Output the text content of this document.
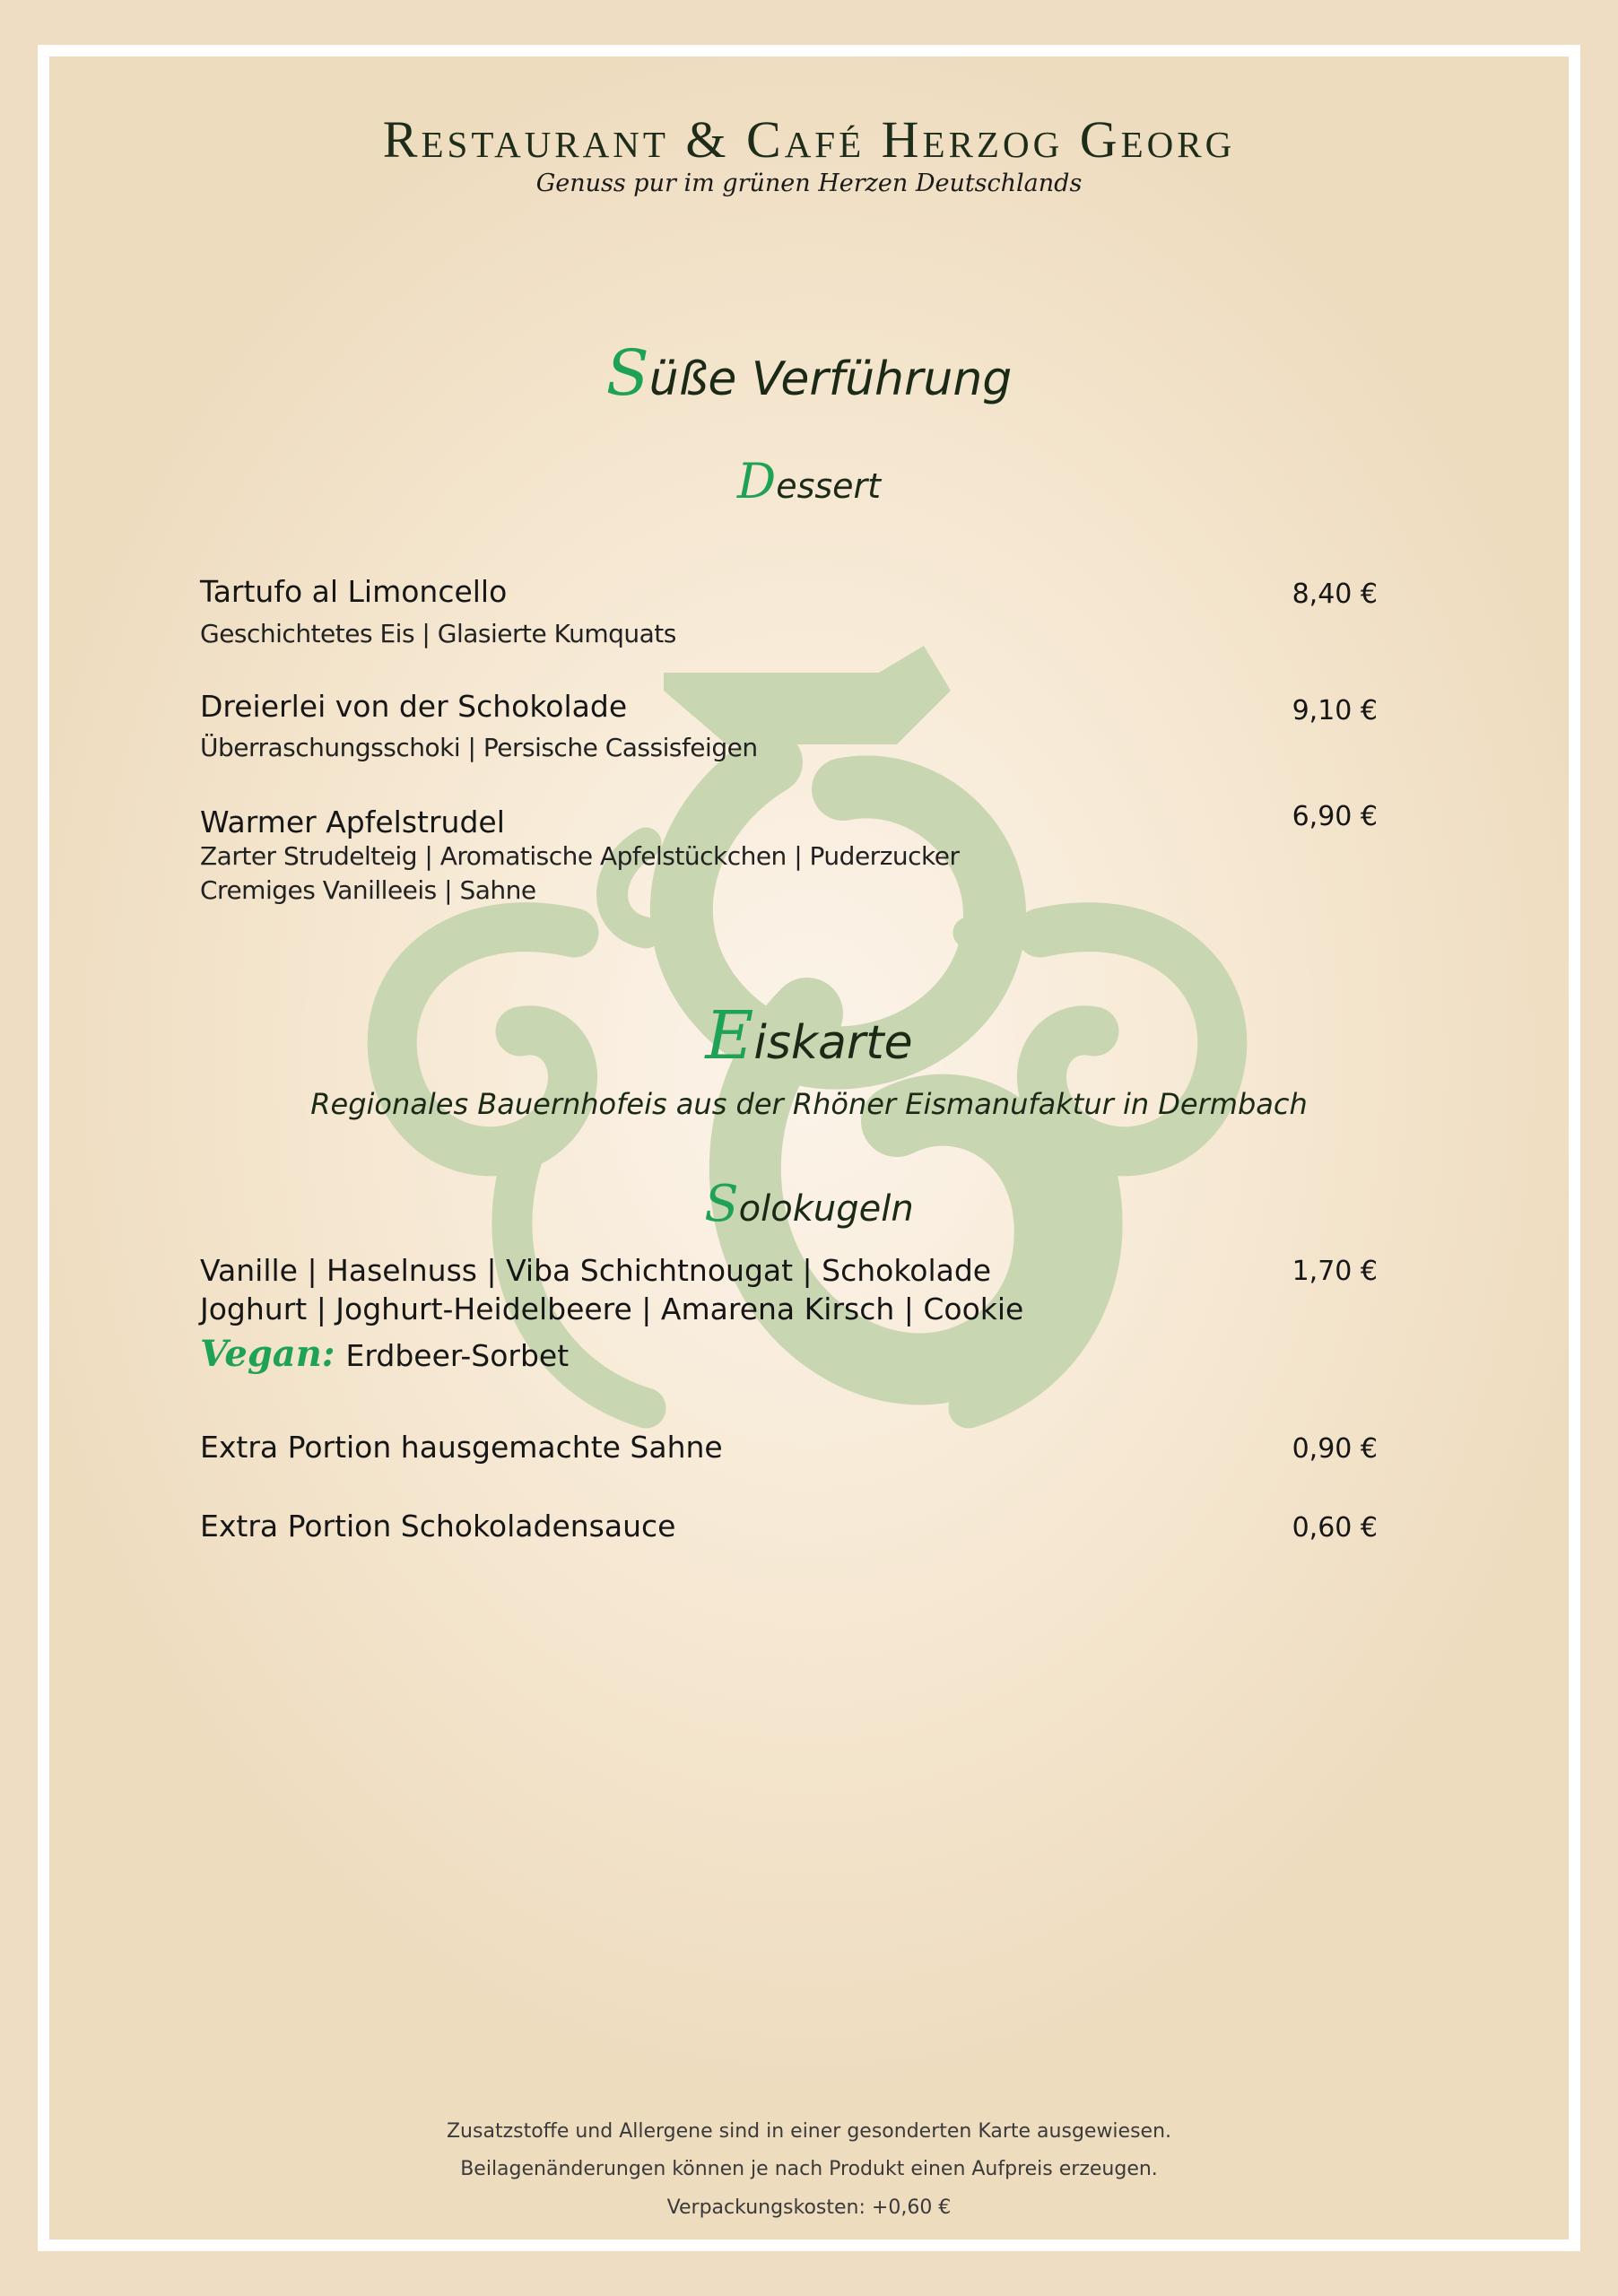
Restaurant & Café Herzog Georg
Genuss pur im grünen Herzen Deutschlands
Süße Verführung
Dessert
Tartufo al Limoncello
Geschichtetes Eis | Glasierte Kumquats
8,40 €
Dreierlei von der Schokolade
Überraschungsschoki | Persische Cassisfeigen
9,10 €
Warmer Apfelstrudel
Zarter Strudelteig | Aromatische Apfelstückchen | Puderzucker
Cremiges Vanilleeis | Sahne
6,90 €
Eiskarte
Regionales Bauernhofeis aus der Rhöner Eismanufaktur in Dermbach
Solokugeln
Vanille | Haselnuss | Viba Schichtnougat | Schokolade
Joghurt | Joghurt-Heidelbeere | Amarena Kirsch | Cookie
1,70 €
Vegan: Erdbeer-Sorbet
Extra Portion hausgemachte Sahne	0,90 €
Extra Portion Schokoladensauce	0,60 €
Zusatzstoffe und Allergene sind in einer gesonderten Karte ausgewiesen.
Beilagenänderungen können je nach Produkt einen Aufpreis erzeugen.
Verpackungskosten: +0,60 €
